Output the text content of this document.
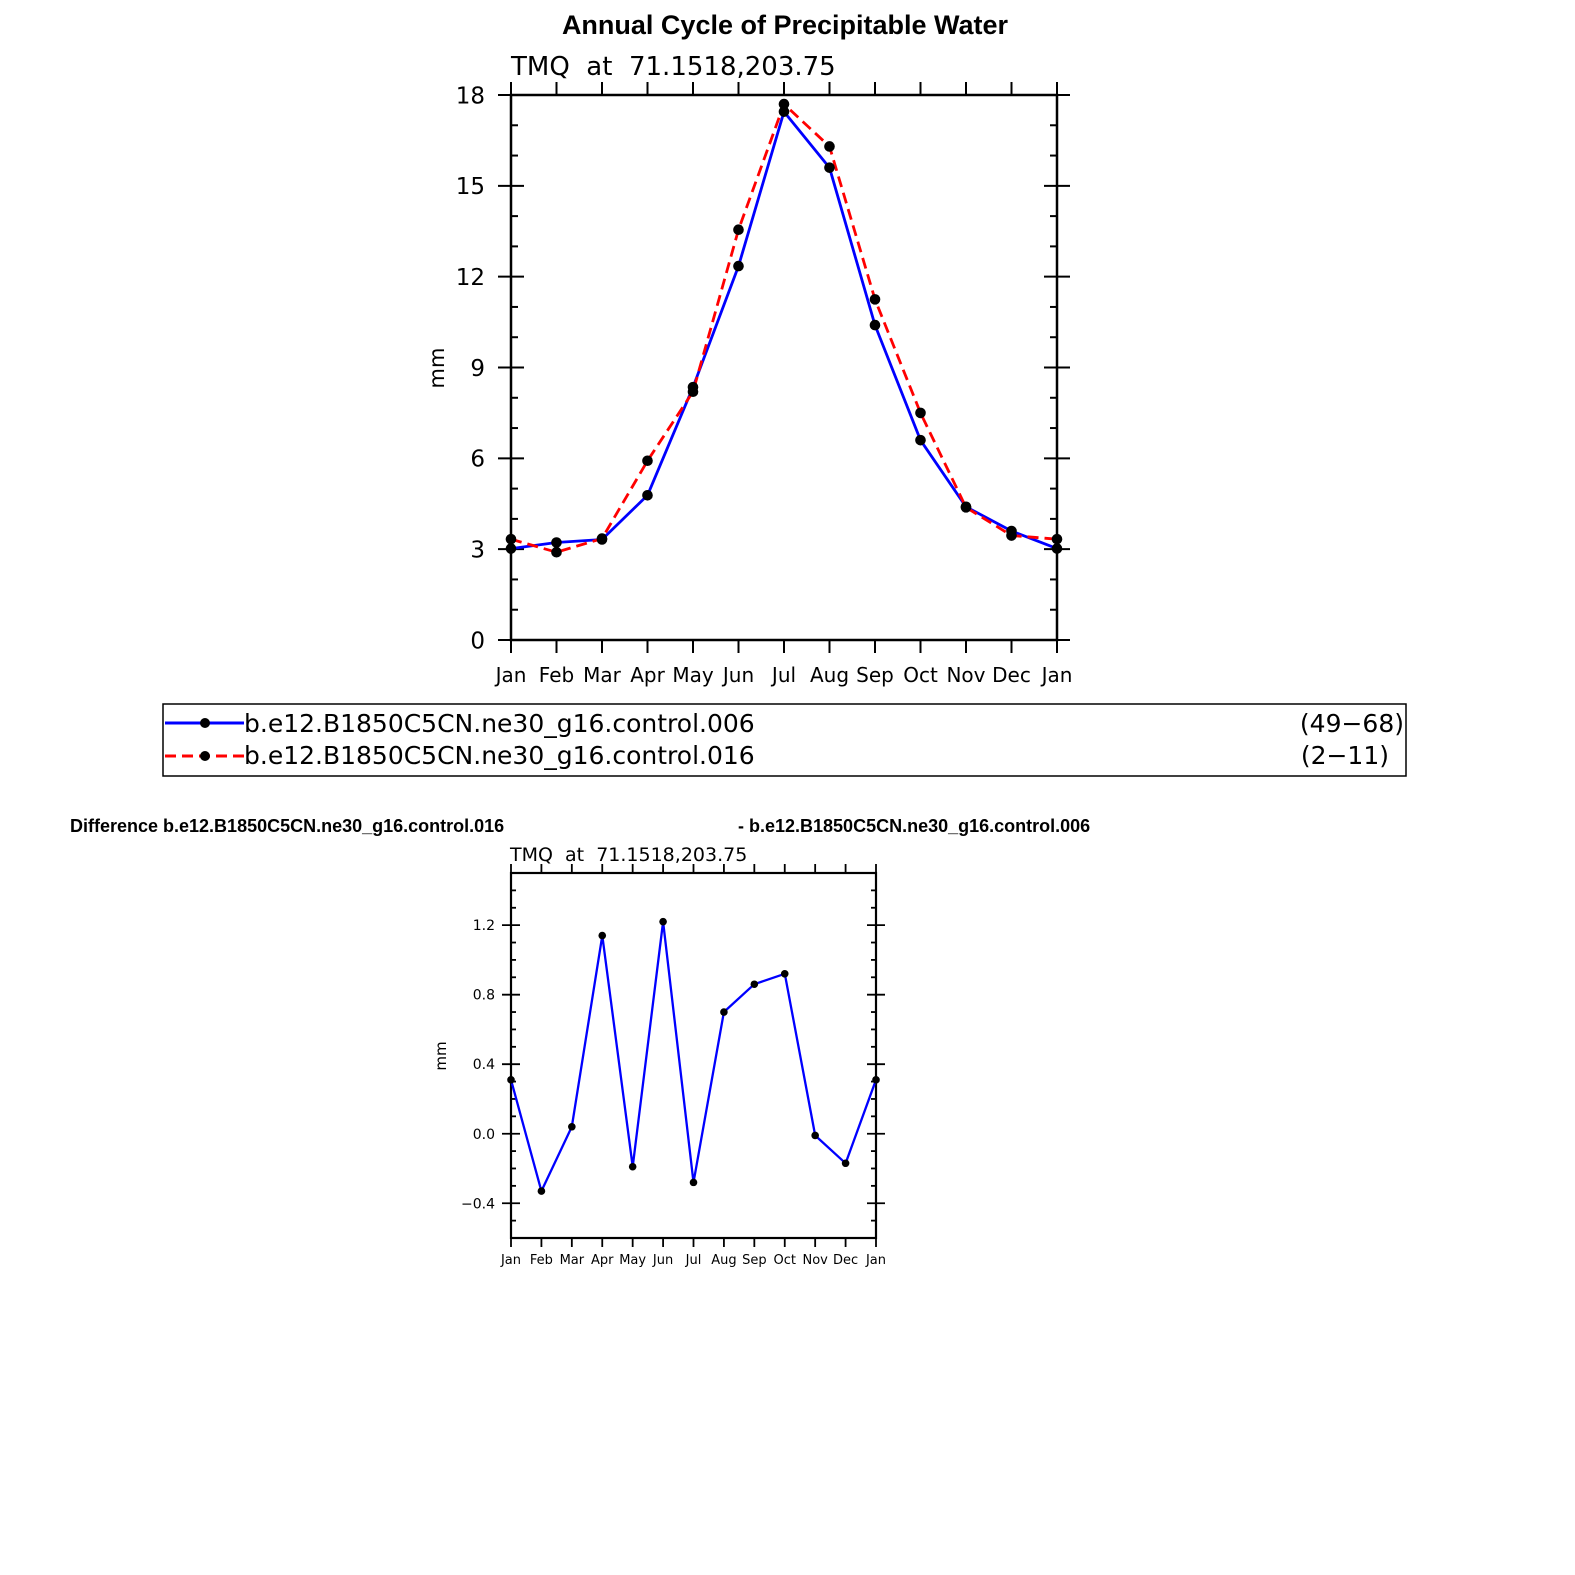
Annual Cycle of Precipitable Water
TMQ  at  71.1518,203.75
mm
Jan Feb Mar Apr May Jun Jul Aug Sep Oct Nov Dec Jan
0
3
6
9
12
15
18
b.e12.B1850C5CN.ne30_g16.control.006	(49−68)
b.e12.B1850C5CN.ne30_g16.control.016	(2−11)
Difference b.e12.B1850C5CN.ne30_g16.control.016	- b.e12.B1850C5CN.ne30_g16.control.006
TMQ  at  71.1518,203.75
mm
Jan Feb Mar Apr May Jun Jul Aug Sep Oct Nov Dec Jan
−0.4
0.0
0.4
0.8
1.2
